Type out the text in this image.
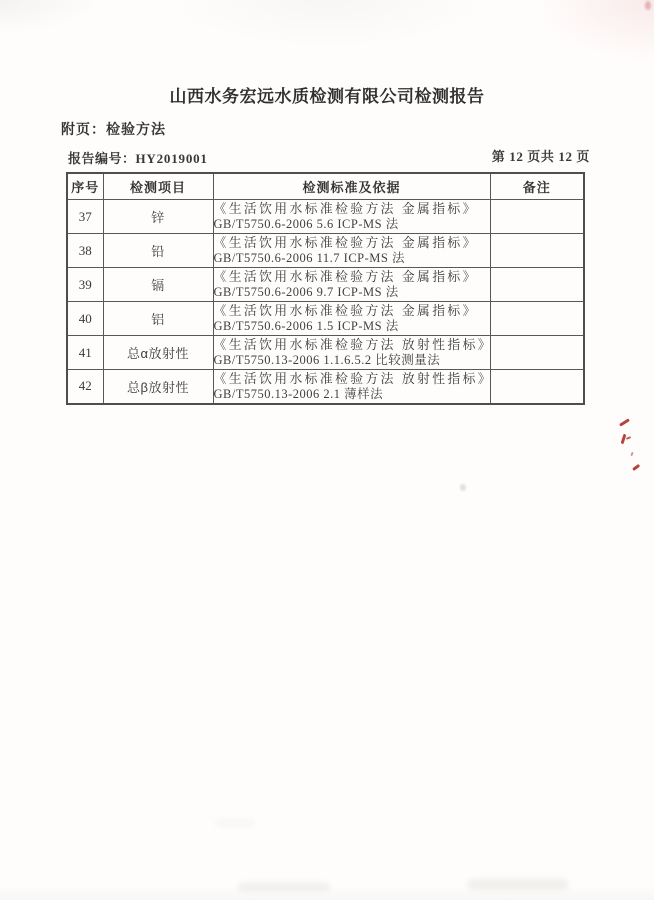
山西水务宏远水质检测有限公司检测报告
附页：检验方法
报告编号：HY2019001	第 12 页共 12 页
序号	检测项目	检测标准及依据	备注
37	锌	《生活饮用水标准检验方法 金属指标》
GB/T5750.6-2006 5.6 ICP-MS 法	

38	铅	《生活饮用水标准检验方法 金属指标》
GB/T5750.6-2006 11.7 ICP-MS 法	

39	镉	《生活饮用水标准检验方法 金属指标》
GB/T5750.6-2006 9.7 ICP-MS 法	

40	铝	《生活饮用水标准检验方法 金属指标》
GB/T5750.6-2006 1.5 ICP-MS 法	

41	总α放射性	《生活饮用水标准检验方法 放射性指标》
GB/T5750.13-2006 1.1.6.5.2 比较测量法	

42	总β放射性	《生活饮用水标准检验方法 放射性指标》
GB/T5750.13-2006 2.1 薄样法	
